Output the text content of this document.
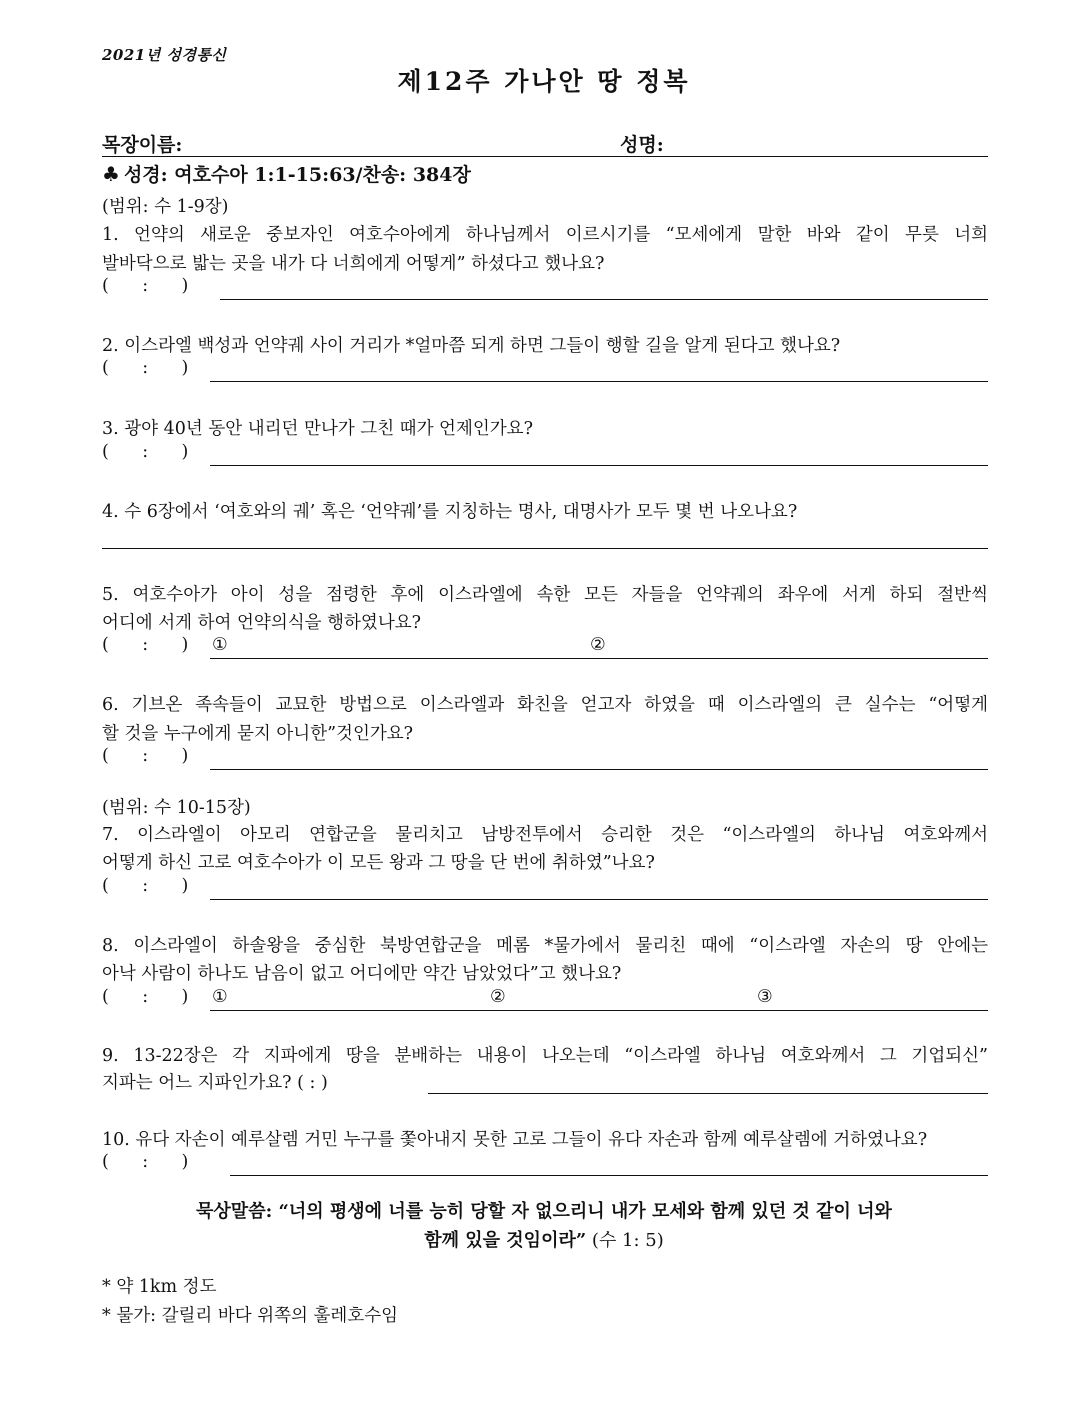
2021년 성경통신
제12주 가나안 땅 정복
목장이름:	성명:
♣ 성경: 여호수아 1:1-15:63/찬송: 384장
(범위: 수 1-9장)
1. 언약의 새로운 중보자인 여호수아에게 하나님께서 이르시기를 “모세에게 말한 바와 같이 무릇 너희
발바닥으로 밟는 곳을 내가 다 너희에게 어떻게” 하셨다고 했나요?
(      :      )
2. 이스라엘 백성과 언약궤 사이 거리가 *얼마쯤 되게 하면 그들이 행할 길을 알게 된다고 했나요?
(      :      )
3. 광야 40년 동안 내리던 만나가 그친 때가 언제인가요?
(      :      )
4. 수 6장에서 ‘여호와의 궤’ 혹은 ‘언약궤’를 지칭하는 명사, 대명사가 모두 몇 번 나오나요?
5. 여호수아가 아이 성을 점령한 후에 이스라엘에 속한 모든 자들을 언약궤의 좌우에 서게 하되 절반씩
어디에 서게 하여 언약의식을 행하였나요?
(      :      ) ①	②
6. 기브온 족속들이 교묘한 방법으로 이스라엘과 화친을 얻고자 하였을 때 이스라엘의 큰 실수는 “어떻게
할 것을 누구에게 묻지 아니한”것인가요?
(      :      )
(범위: 수 10-15장)
7. 이스라엘이 아모리 연합군을 물리치고 남방전투에서 승리한 것은 “이스라엘의 하나님 여호와께서
어떻게 하신 고로 여호수아가 이 모든 왕과 그 땅을 단 번에 취하였”나요?
(      :      )
8. 이스라엘이 하솔왕을 중심한 북방연합군을 메롬 *물가에서 물리친 때에 “이스라엘 자손의 땅 안에는
아낙 사람이 하나도 남음이 없고 어디에만 약간 남았었다”고 했나요?
(      :      ) ①	②	③
9. 13-22장은 각 지파에게 땅을 분배하는 내용이 나오는데 “이스라엘 하나님 여호와께서 그 기업되신”
지파는 어느 지파인가요? ( : )
10. 유다 자손이 예루살렘 거민 누구를 쫓아내지 못한 고로 그들이 유다 자손과 함께 예루살렘에 거하였나요?
(      :      )
묵상말씀: “너의 평생에 너를 능히 당할 자 없으리니 내가 모세와 함께 있던 것 같이 너와
함께 있을 것임이라” (수 1: 5)
* 약 1km 정도
* 물가: 갈릴리 바다 위쪽의 훌레호수임
